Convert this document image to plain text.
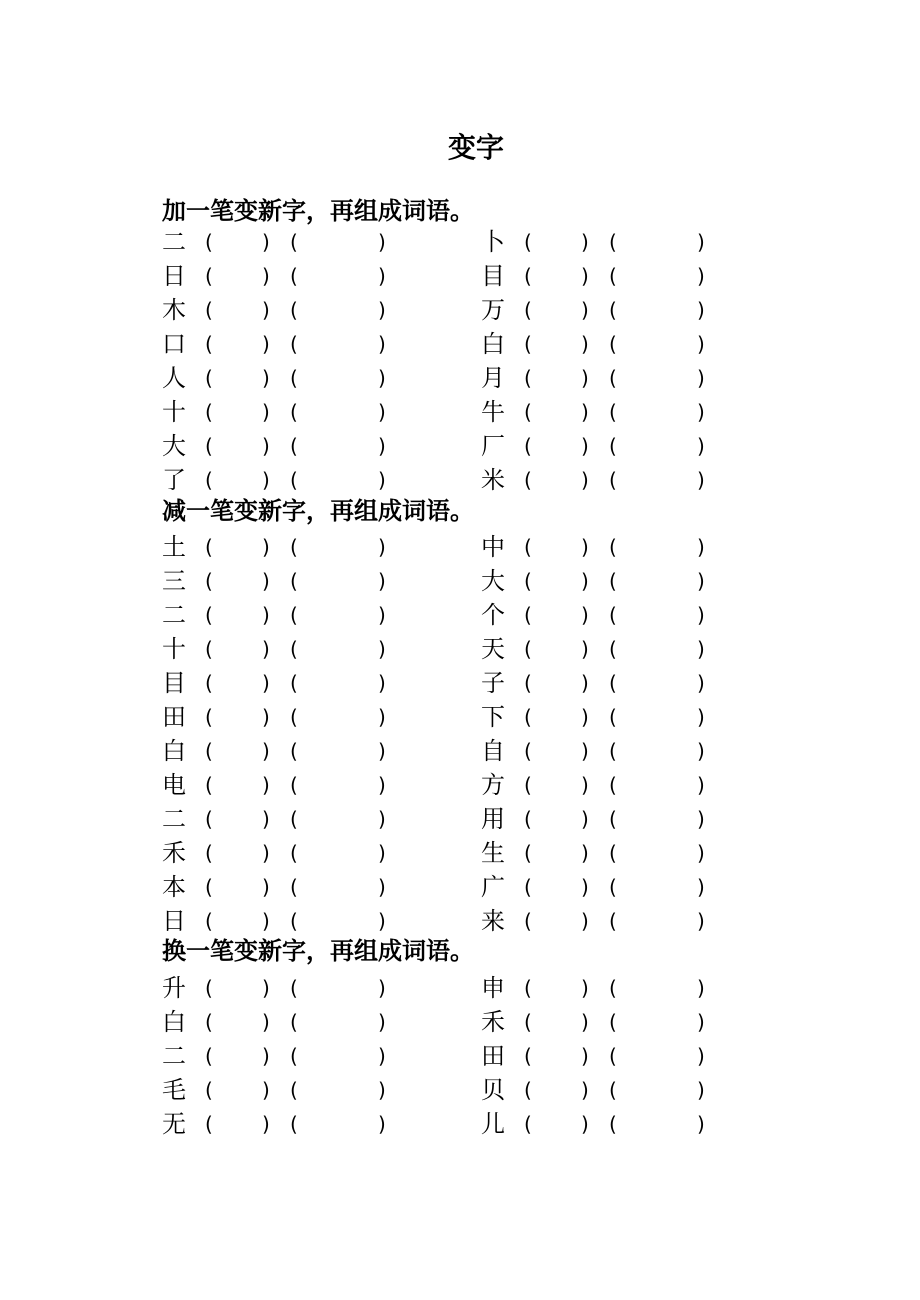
变字
加一笔变新字，再组成词语。
二 ( ) (	)	卜 ( ) (	)
日 ( ) (	)	目 ( ) (	)
木 ( ) (	)	万 ( ) (	)
口 ( ) (	)	白 ( ) (	)
人 ( ) (	)	月 ( ) (	)
十 ( ) (	)	牛 ( ) (	)
大 ( ) (	)	厂 ( ) (	)
了 ( ) (	)	米 ( ) (	)
减一笔变新字，再组成词语。
土 ( ) (	)	中 ( ) (	)
三 ( ) (	)	大 ( ) (	)
二 ( ) (	)	个 ( ) (	)
十 ( ) (	)	天 ( ) (	)
目 ( ) (	)	子 ( ) (	)
田 ( ) (	)	下 ( ) (	)
白 ( ) (	)	自 ( ) (	)
电 ( ) (	)	方 ( ) (	)
二 ( ) (	)	用 ( ) (	)
禾 ( ) (	)	生 ( ) (	)
本 ( ) (	)	广 ( ) (	)
日 ( ) (	)	来 ( ) (	)
换一笔变新字，再组成词语。
升 ( ) (	)	申 ( ) (	)
白 ( ) (	)	禾 ( ) (	)
二 ( ) (	)	田 ( ) (	)
毛 ( ) (	)	贝 ( ) (	)
无 ( ) (	)	儿 ( ) (	)
